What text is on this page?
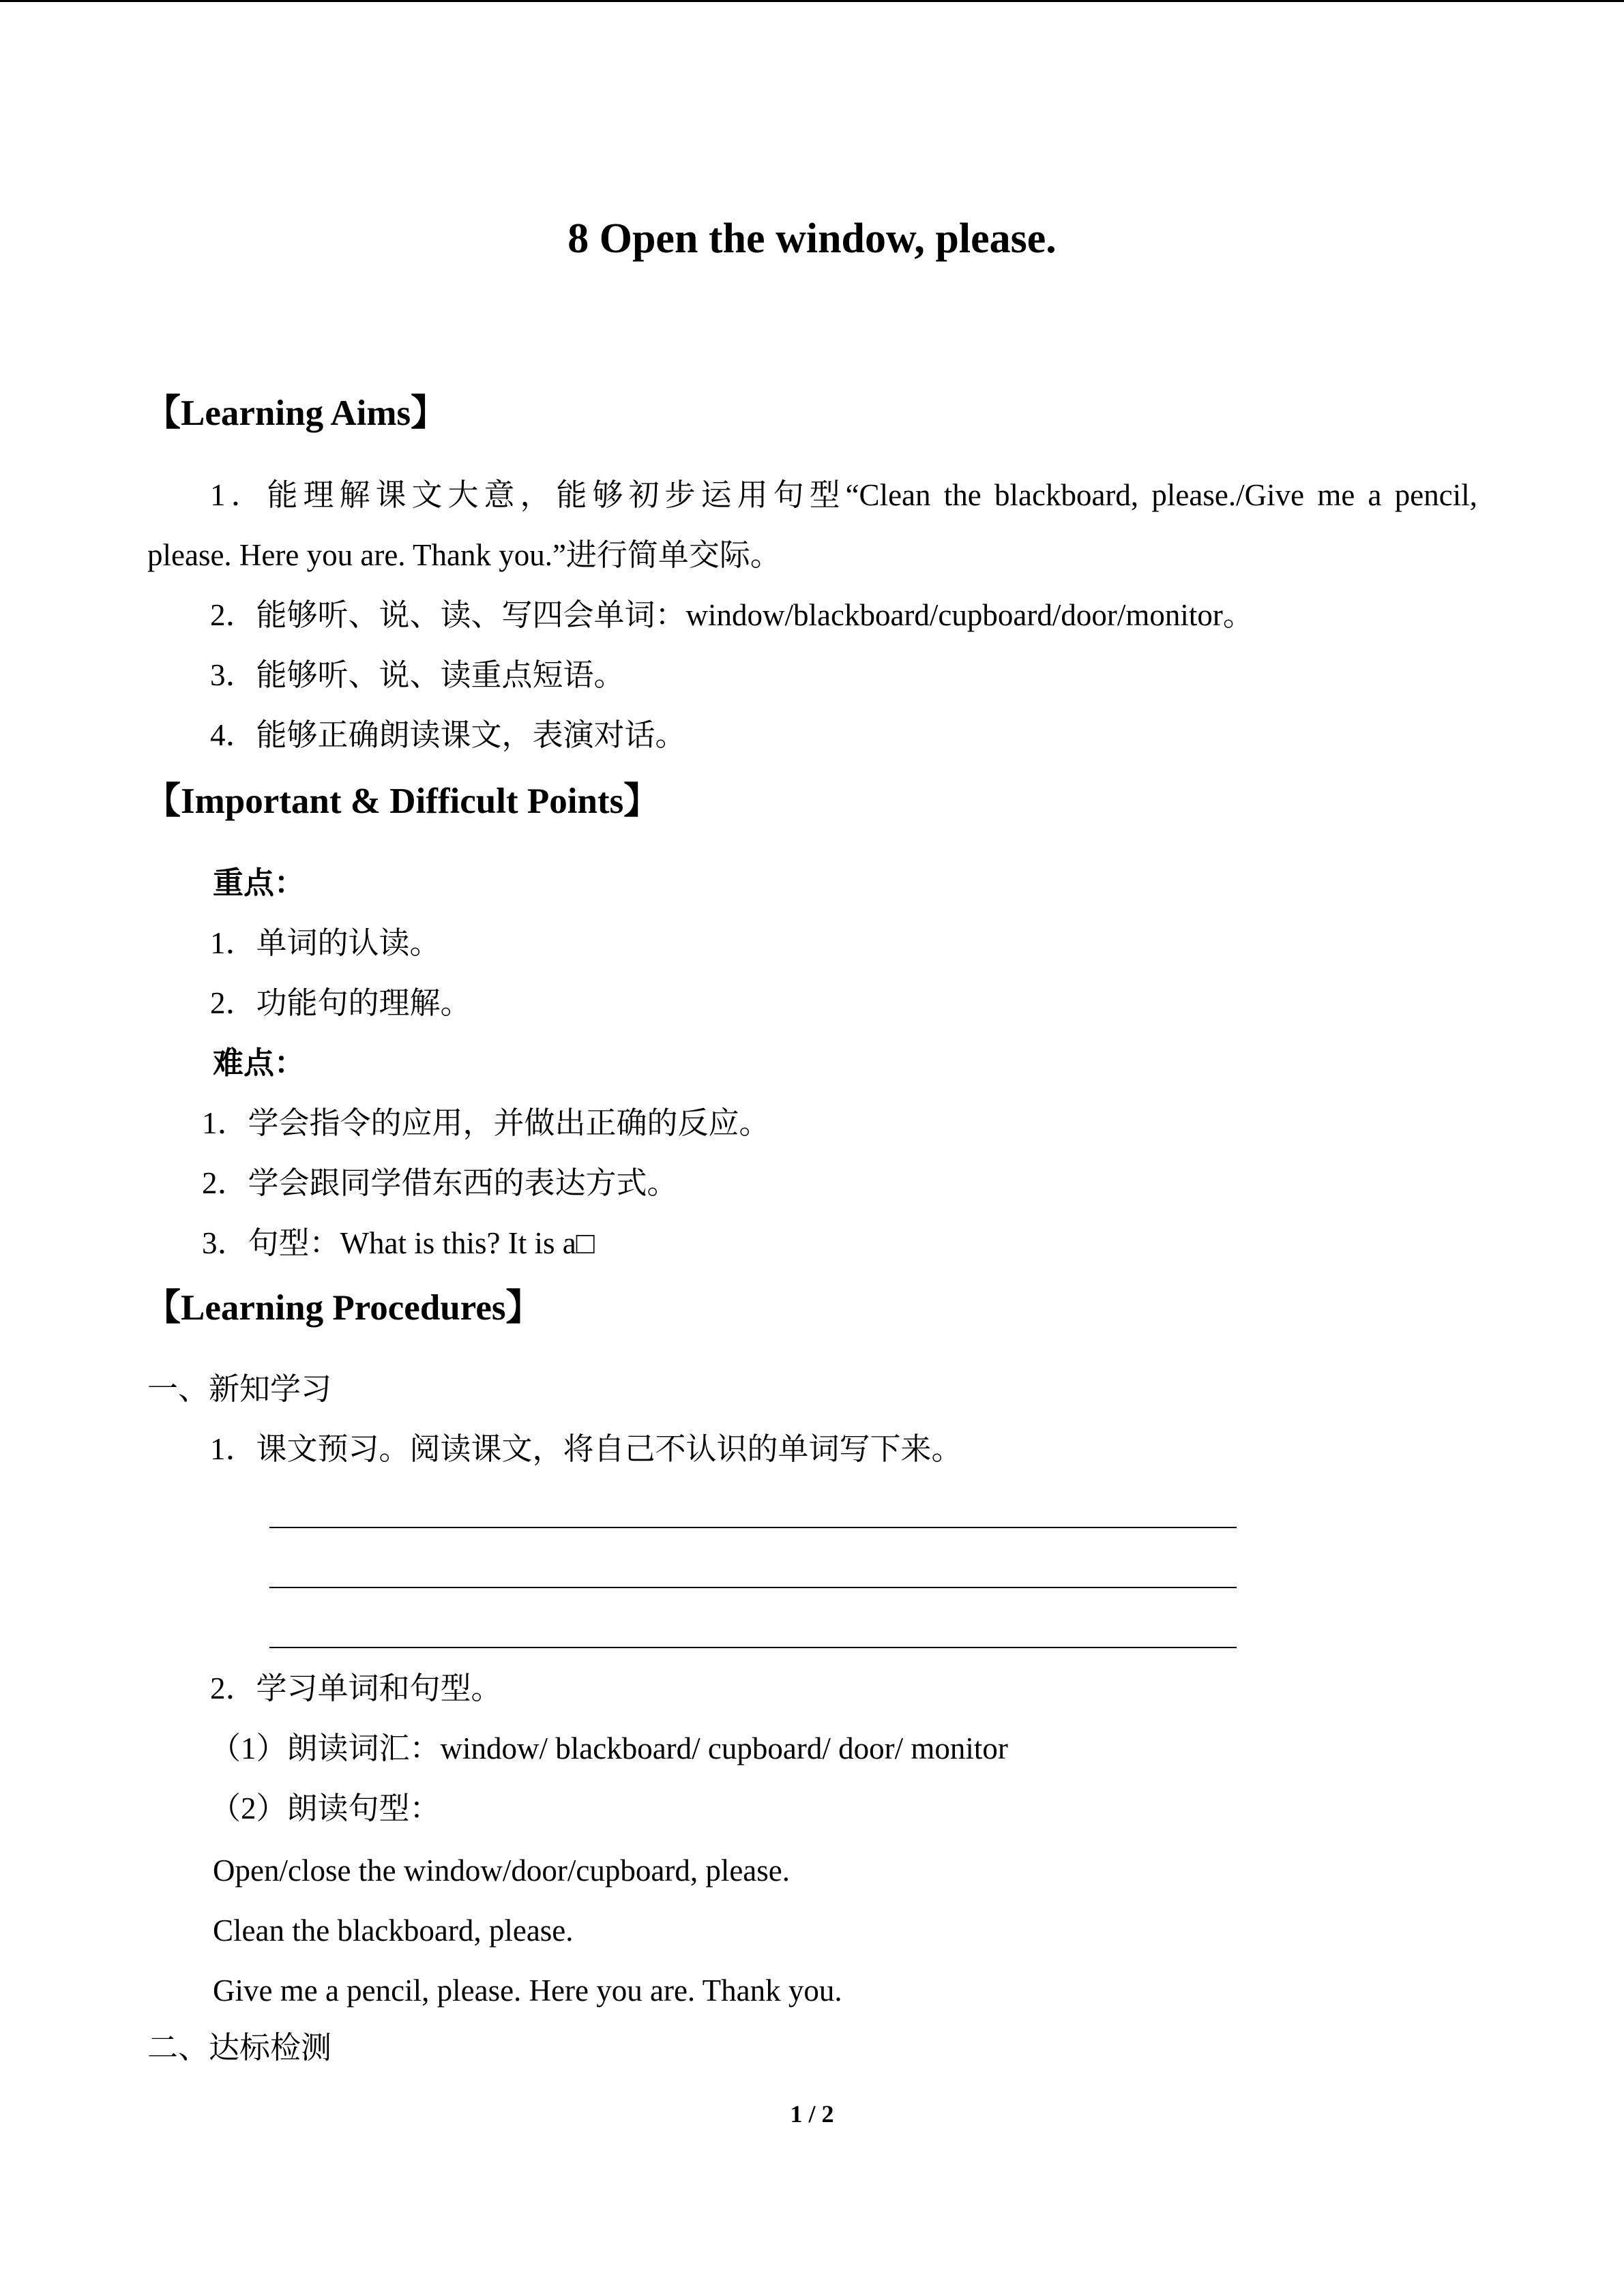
8 Open the window, please.
【Learning Aims】
1．能理解课文大意，能够初步运用句型“Clean the blackboard, please./Give me a pencil,
please. Here you are. Thank you.”进行简单交际。
2．能够听、说、读、写四会单词：window/blackboard/cupboard/door/monitor。
3．能够听、说、读重点短语。
4．能够正确朗读课文，表演对话。
【Important & Difficult Points】
重点：
1．单词的认读。
2．功能句的理解。
难点：
1．学会指令的应用，并做出正确的反应。
2．学会跟同学借东西的表达方式。
3．句型：What is this? It is a□
【Learning Procedures】
一、新知学习
1．课文预习。阅读课文，将自己不认识的单词写下来。
2．学习单词和句型。
（1）朗读词汇：window/ blackboard/ cupboard/ door/ monitor
（2）朗读句型：
Open/close the window/door/cupboard, please.
Clean the blackboard, please.
Give me a pencil, please. Here you are. Thank you.
二、达标检测
1 / 2
